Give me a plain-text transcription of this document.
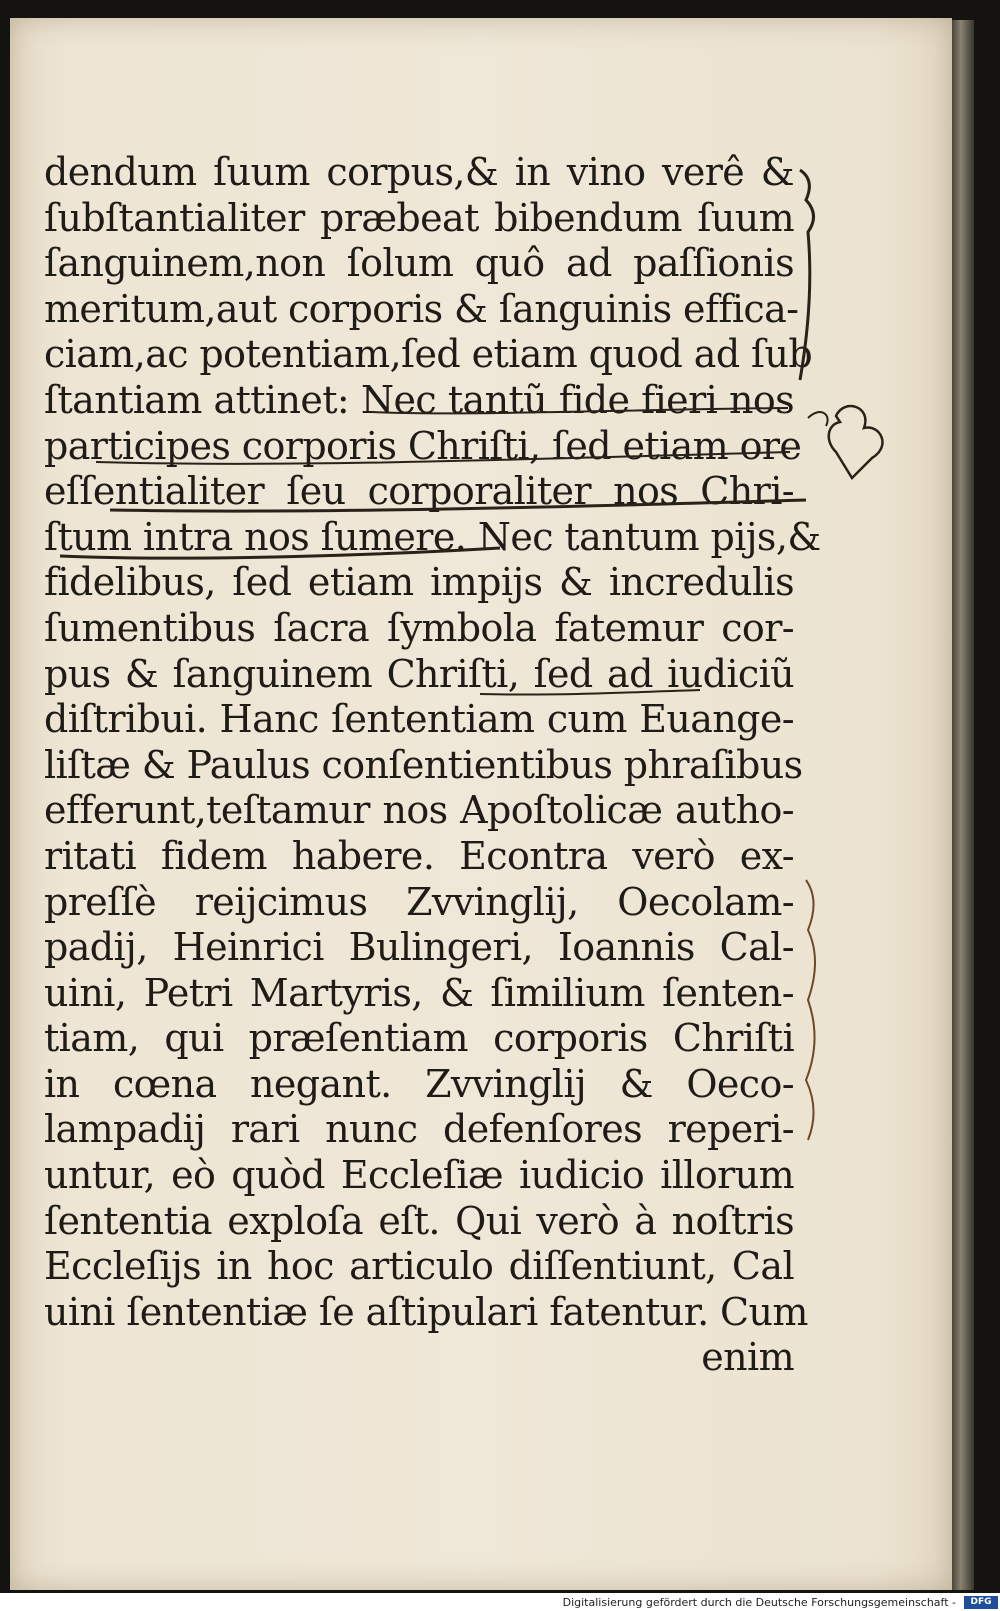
dendum ſuum corpus,& in vino verê &
ſubſtantialiter præbeat bibendum ſuum
ſanguinem,non ſolum quô ad paſſionis
meritum,aut corporis & ſanguinis effica-
ciam,ac potentiam,ſed etiam quod ad ſub
ſtantiam attinet: Nec tantũ fide fieri nos
participes corporis Chriſti, ſed etiam ore
eſſentialiter ſeu corporaliter nos Chri-
ſtum intra nos ſumere. Nec tantum pijs,&
fidelibus, ſed etiam impijs & incredulis
ſumentibus ſacra ſymbola fatemur cor-
pus & ſanguinem Chriſti, ſed ad iudiciũ
diſtribui. Hanc ſententiam cum Euange-
liſtæ & Paulus conſentientibus phraſibus
efferunt,teſtamur nos Apoſtolicæ autho-
ritati fidem habere. Econtra verò ex-
preſſè reijcimus Zvvinglij, Oecolam-
padij, Heinrici Bulingeri, Ioannis Cal-
uini, Petri Martyris, & ſimilium ſenten-
tiam, qui præſentiam corporis Chriſti
in cœna negant. Zvvinglij & Oeco-
lampadij rari nunc defenſores reperi-
untur, eò quòd Eccleſiæ iudicio illorum
ſententia exploſa eſt. Qui verò à noſtris
Eccleſijs in hoc articulo diſſentiunt, Cal
uini ſententiæ ſe aſtipulari fatentur. Cum
enim
Digitalisierung gefördert durch die Deutsche Forschungsgemeinschaft -	DFG
